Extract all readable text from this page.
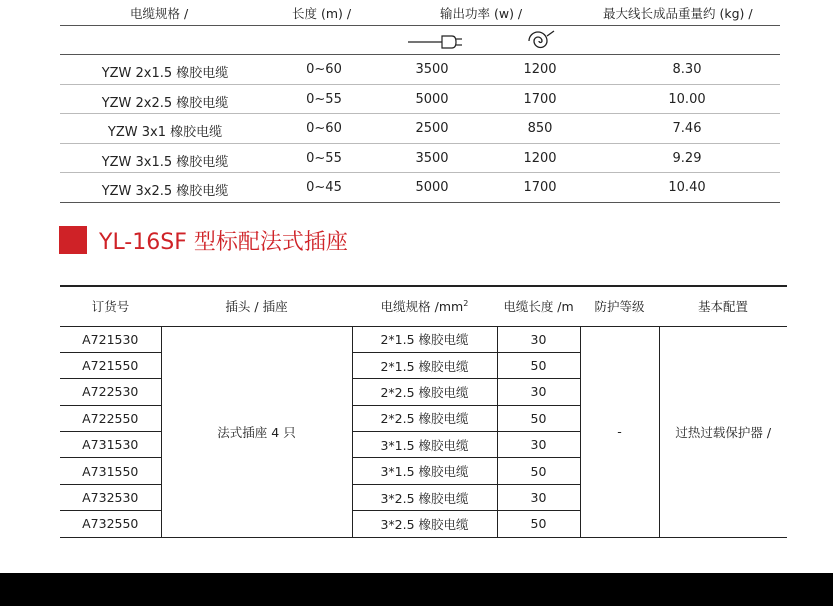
电缆规格 /	长度 (m) /	输出功率 (w) /	最大线长成品重量约 (kg) /
YZW 2x1.5 橡胶电缆	0~60	3500	1200	8.30
YZW 2x2.5 橡胶电缆	0~55	5000	1700	10.00
YZW 3x1 橡胶电缆	0~60	2500	850	7.46
YZW 3x1.5 橡胶电缆	0~55	3500	1200	9.29
YZW 3x2.5 橡胶电缆	0~45	5000	1700	10.40
YL-16SF 型标配法式插座
订货号	插头 / 插座	电缆规格 $/mm^2$	电缆长度 /m	防护等级	基本配置
A721530	法式插座 4 只	2*1.5 橡胶电缆	30	-	过热过载保护器 /
A721550		2*1.5 橡胶电缆	50		
A722530		2*2.5 橡胶电缆	30		
A722550		2*2.5 橡胶电缆	50		
A731530		3*1.5 橡胶电缆	30		
A731550		3*1.5 橡胶电缆	50		
A732530		3*2.5 橡胶电缆	30		
A732550		3*2.5 橡胶电缆	50		
